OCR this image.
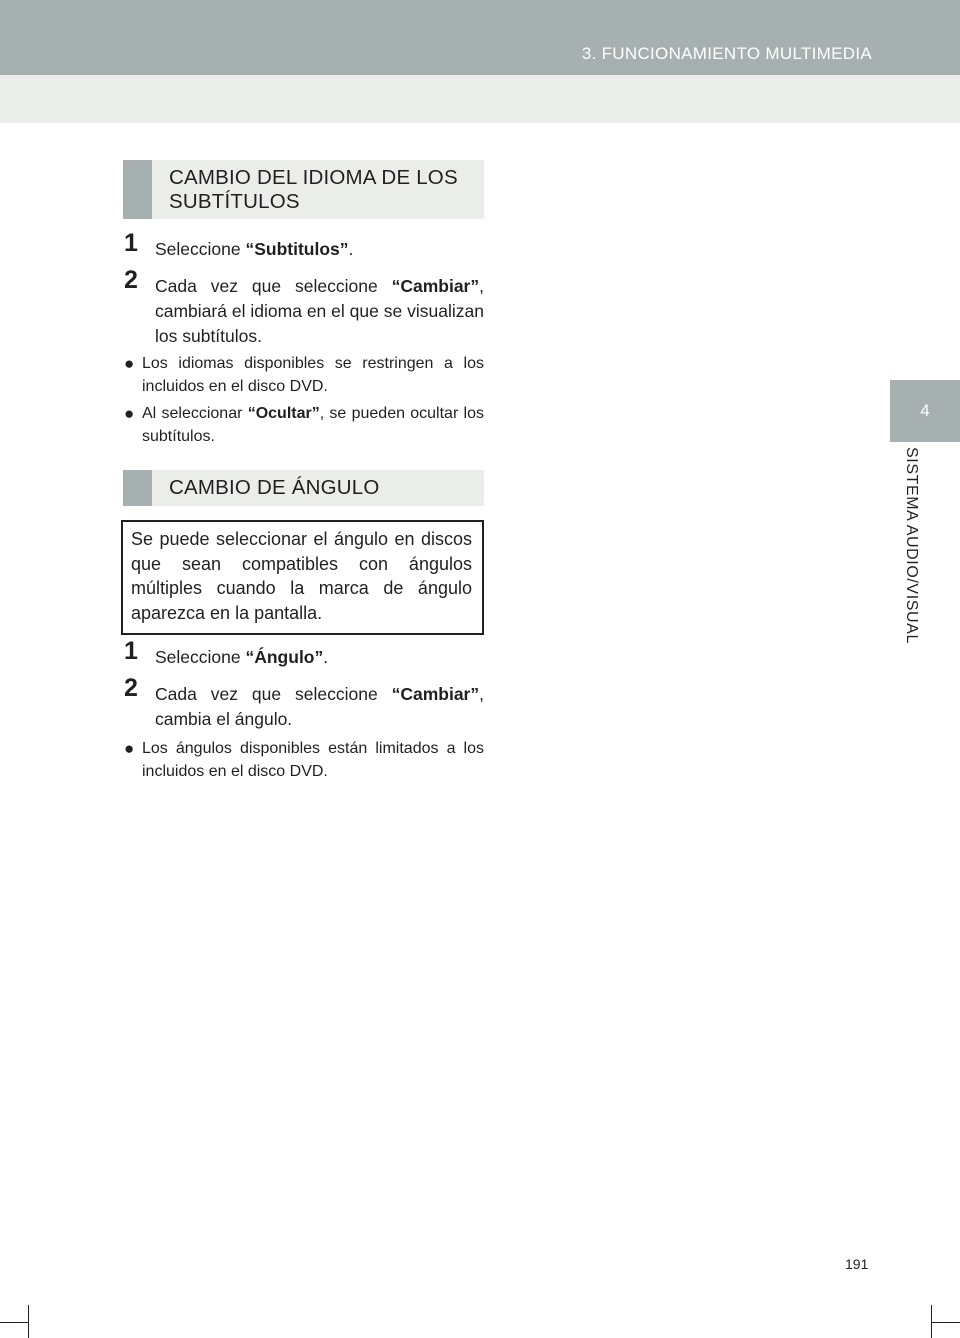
3. FUNCIONAMIENTO MULTIMEDIA
4
SISTEMA AUDIO/VISUAL
CAMBIO DEL IDIOMA DE LOS SUBTÍTULOS
1 Seleccione “Subtitulos”.
2 Cada vez que seleccione “Cambiar”, cambiará el idioma en el que se visualizan los subtítulos.
● Los idiomas disponibles se restringen a los incluidos en el disco DVD.
● Al seleccionar “Ocultar”, se pueden ocultar los subtítulos.
CAMBIO DE ÁNGULO
Se puede seleccionar el ángulo en discos que sean compatibles con ángulos múltiples cuando la marca de ángulo aparezca en la pantalla.
1 Seleccione “Ángulo”.
2 Cada vez que seleccione “Cambiar”, cambia el ángulo.
● Los ángulos disponibles están limitados a los incluidos en el disco DVD.
191
